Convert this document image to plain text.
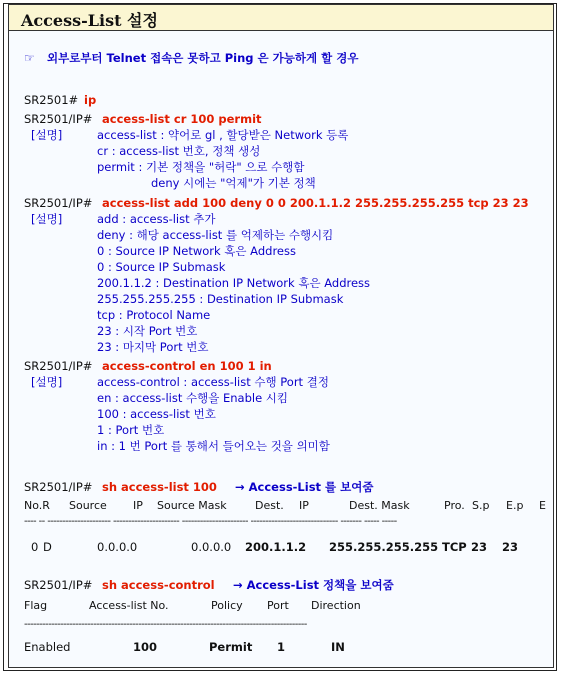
Access-List 설정
☞ 외부로부터 Telnet 접속은 못하고 Ping 은 가능하게 할 경우
SR2501# ip
SR2501/IP# access-list cr 100 permit
[설명]	access-list : 약어로 gl , 할당받은 Network 등록
cr : access-list 번호, 정책 생성
permit : 기본 정책을 "허락" 으로 수행함
deny 시에는 "억제"가 기본 정책
SR2501/IP# access-list add 100 deny 0 0 200.1.1.2 255.255.255.255 tcp 23 23
[설명]	add : access-list 추가
deny : 해당 access-list 를 억제하는 수행시킴
0 : Source IP Network 혹은 Address
0 : Source IP Submask
200.1.1.2 : Destination IP Network 혹은 Address
255.255.255.255 : Destination IP Submask
tcp : Protocol Name
23 : 시작 Port 번호
23 : 마지막 Port 번호
SR2501/IP# access-control en 100 1 in
[설명]	access-control : access-list 수행 Port 결정
en : access-list 수행을 Enable 시킴
100 : access-list 번호
1 : Port 번호
in : 1 번 Port 를 통해서 들어오는 것을 의미함
SR2501/IP# sh access-list 100 → Access-List 를 보여줌
No.R Source IP Source Mask	Dest. IP	Dest. Mask	Pro. S.p E.p E
---- -- --------------------- ---------------------- ---------------------- ----------------------------- ------- ----- -----
0 D	0.0.0.0	0.0.0.0 200.1.1.2 255.255.255.255 TCP 23 23
SR2501/IP# sh access-control → Access-List 정책을 보여줌
Flag	Access-list No.	Policy Port Direction
----------------------------------------------------------------------------------------------
Enabled	100	Permit 1	IN
